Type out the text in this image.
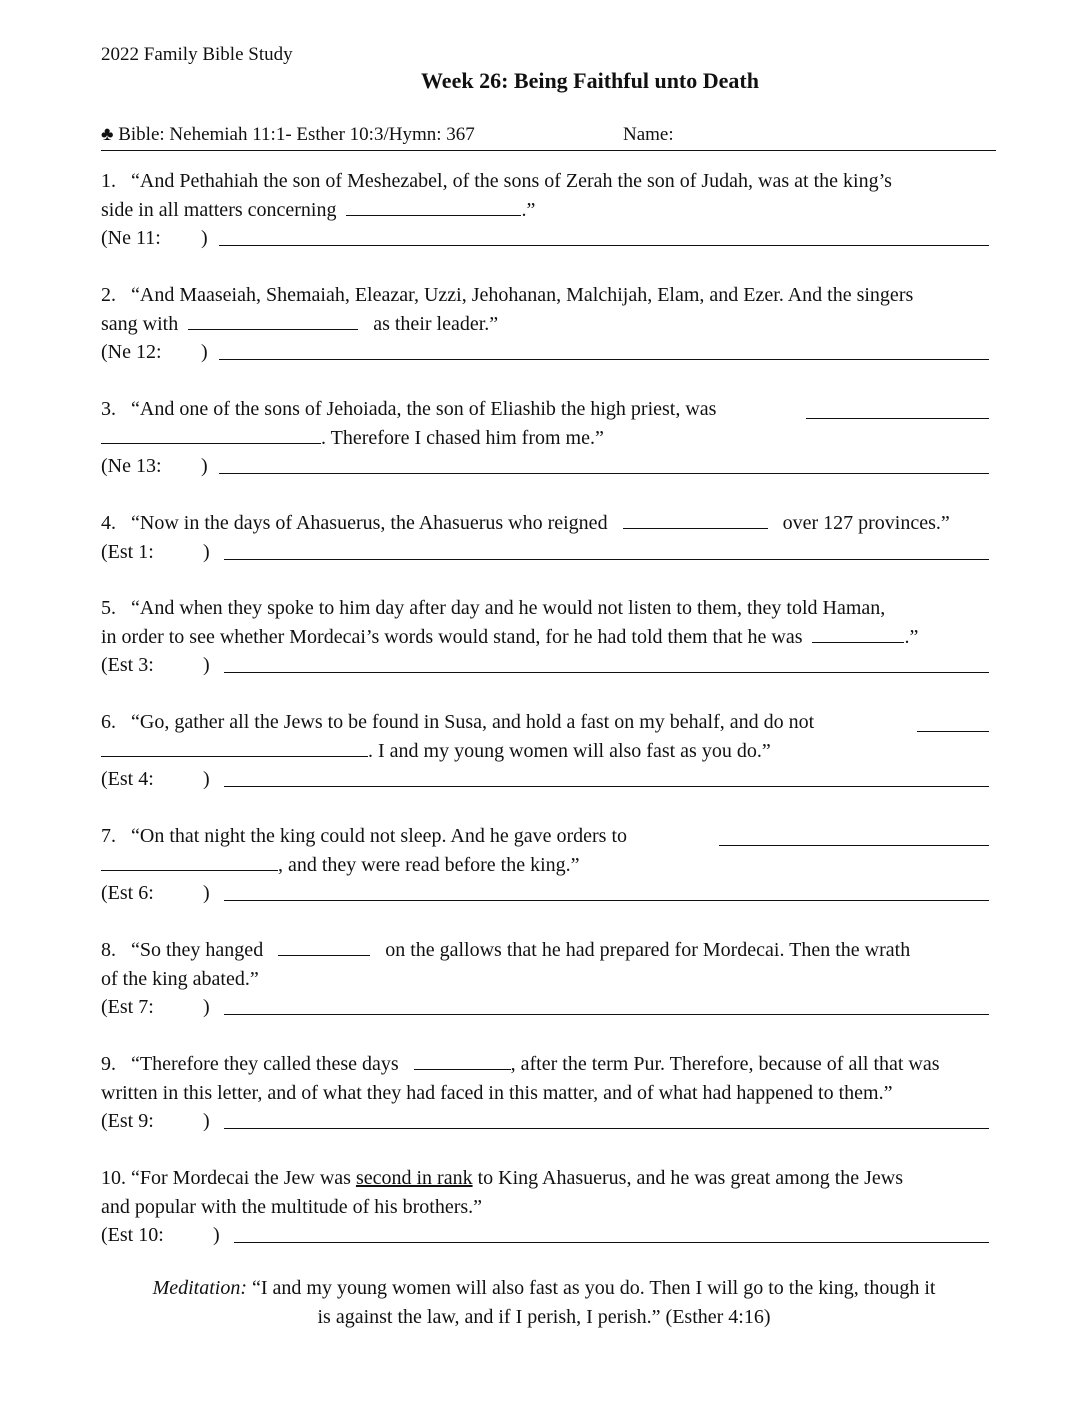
2022 Family Bible Study
Week 26: Being Faithful unto Death
♣ Bible: Nehemiah 11:1- Esther 10:3/Hymn: 367	Name:
1. “And Pethahiah the son of Meshezabel, of the sons of Zerah the son of Judah, was at the king’s
side in all matters concerning	.”
(Ne 11: )
2. “And Maaseiah, Shemaiah, Eleazar, Uzzi, Jehohanan, Malchijah, Elam, and Ezer. And the singers
sang with	as their leader.”
(Ne 12: )
3. “And one of the sons of Jehoiada, the son of Eliashib the high priest, was
. Therefore I chased him from me.”
(Ne 13: )
4. “Now in the days of Ahasuerus, the Ahasuerus who reigned	over 127 provinces.”
(Est 1: )
5. “And when they spoke to him day after day and he would not listen to them, they told Haman,
in order to see whether Mordecai’s words would stand, for he had told them that he was	.”
(Est 3: )
6. “Go, gather all the Jews to be found in Susa, and hold a fast on my behalf, and do not
. I and my young women will also fast as you do.”
(Est 4: )
7. “On that night the king could not sleep. And he gave orders to
, and they were read before the king.”
(Est 6: )
8. “So they hanged	on the gallows that he had prepared for Mordecai. Then the wrath
of the king abated.”
(Est 7: )
9. “Therefore they called these days	, after the term Pur. Therefore, because of all that was
written in this letter, and of what they had faced in this matter, and of what had happened to them.”
(Est 9: )
10. “For Mordecai the Jew was second in rank to King Ahasuerus, and he was great among the Jews
and popular with the multitude of his brothers.”
(Est 10: )
Meditation: “I and my young women will also fast as you do. Then I will go to the king, though it
is against the law, and if I perish, I perish.” (Esther 4:16)
